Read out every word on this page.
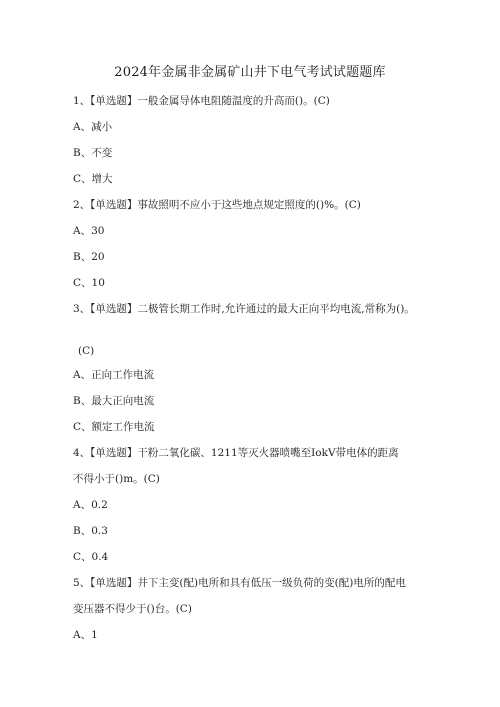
2024年金属非金属矿山井下电气考试试题题库
1、【单选题】一般金属导体电阻随温度的升高而()。(C)
A、减小
B、不变
C、增大
2、【单选题】事故照明不应小于这些地点规定照度的()%。(C)
A、30
B、20
C、10
3、【单选题】二极管长期工作时,允许通过的最大正向平均电流,常称为()。
(C)
A、正向工作电流
B、最大正向电流
C、额定工作电流
4、【单选题】干粉二氧化碳、1211等灭火器喷嘴至IokV带电体的距离
不得小于()m。(C)
A、0.2
B、0.3
C、0.4
5、【单选题】井下主变(配)电所和具有低压一级负荷的变(配)电所的配电
变压器不得少于()台。(C)
A、1
